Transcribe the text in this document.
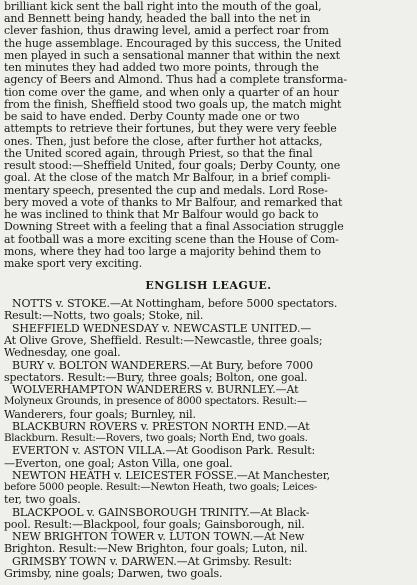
brilliant kick sent the ball right into the mouth of the goal,
and Bennett being handy, headed the ball into the net in
clever fashion, thus drawing level, amid a perfect roar from
the huge assemblage. Encouraged by this success, the United
men played in such a sensational manner that within the next
ten minutes they had added two more points, through the
agency of Beers and Almond. Thus had a complete transforma-
tion come over the game, and when only a quarter of an hour
from the finish, Sheffield stood two goals up, the match might
be said to have ended. Derby County made one or two
attempts to retrieve their fortunes, but they were very feeble
ones. Then, just before the close, after further hot attacks,
the United scored again, through Priest, so that the final
result stood:—Sheffield United, four goals; Derby County, one
goal. At the close of the match Mr Balfour, in a brief compli-
mentary speech, presented the cup and medals. Lord Rose-
bery moved a vote of thanks to Mr Balfour, and remarked that
he was inclined to think that Mr Balfour would go back to
Downing Street with a feeling that a final Association struggle
at football was a more exciting scene than the House of Com-
mons, where they had too large a majority behind them to
make sport very exciting.
ENGLISH LEAGUE.
NOTTS v. STOKE.—At Nottingham, before 5000 spectators.
Result:—Notts, two goals; Stoke, nil.
SHEFFIELD WEDNESDAY v. NEWCASTLE UNITED.—
At Olive Grove, Sheffield. Result:—Newcastle, three goals;
Wednesday, one goal.
BURY v. BOLTON WANDERERS.—At Bury, before 7000
spectators. Result:—Bury, three goals; Bolton, one goal.
WOLVERHAMPTON WANDERERS v. BURNLEY.—At
Molyneux Grounds, in presence of 8000 spectators. Result:—
Wanderers, four goals; Burnley, nil.
BLACKBURN ROVERS v. PRESTON NORTH END.—At
Blackburn. Result:—Rovers, two goals; North End, two goals.
EVERTON v. ASTON VILLA.—At Goodison Park. Result:
—Everton, one goal; Aston Villa, one goal.
NEWTON HEATH v. LEICESTER FOSSE.—At Manchester,
before 5000 people. Result:—Newton Heath, two goals; Leices-
ter, two goals.
BLACKPOOL v. GAINSBOROUGH TRINITY.—At Black-
pool. Result:—Blackpool, four goals; Gainsborough, nil.
NEW BRIGHTON TOWER v. LUTON TOWN.—At New
Brighton. Result:—New Brighton, four goals; Luton, nil.
GRIMSBY TOWN v. DARWEN.—At Grimsby. Result:
Grimsby, nine goals; Darwen, two goals.
